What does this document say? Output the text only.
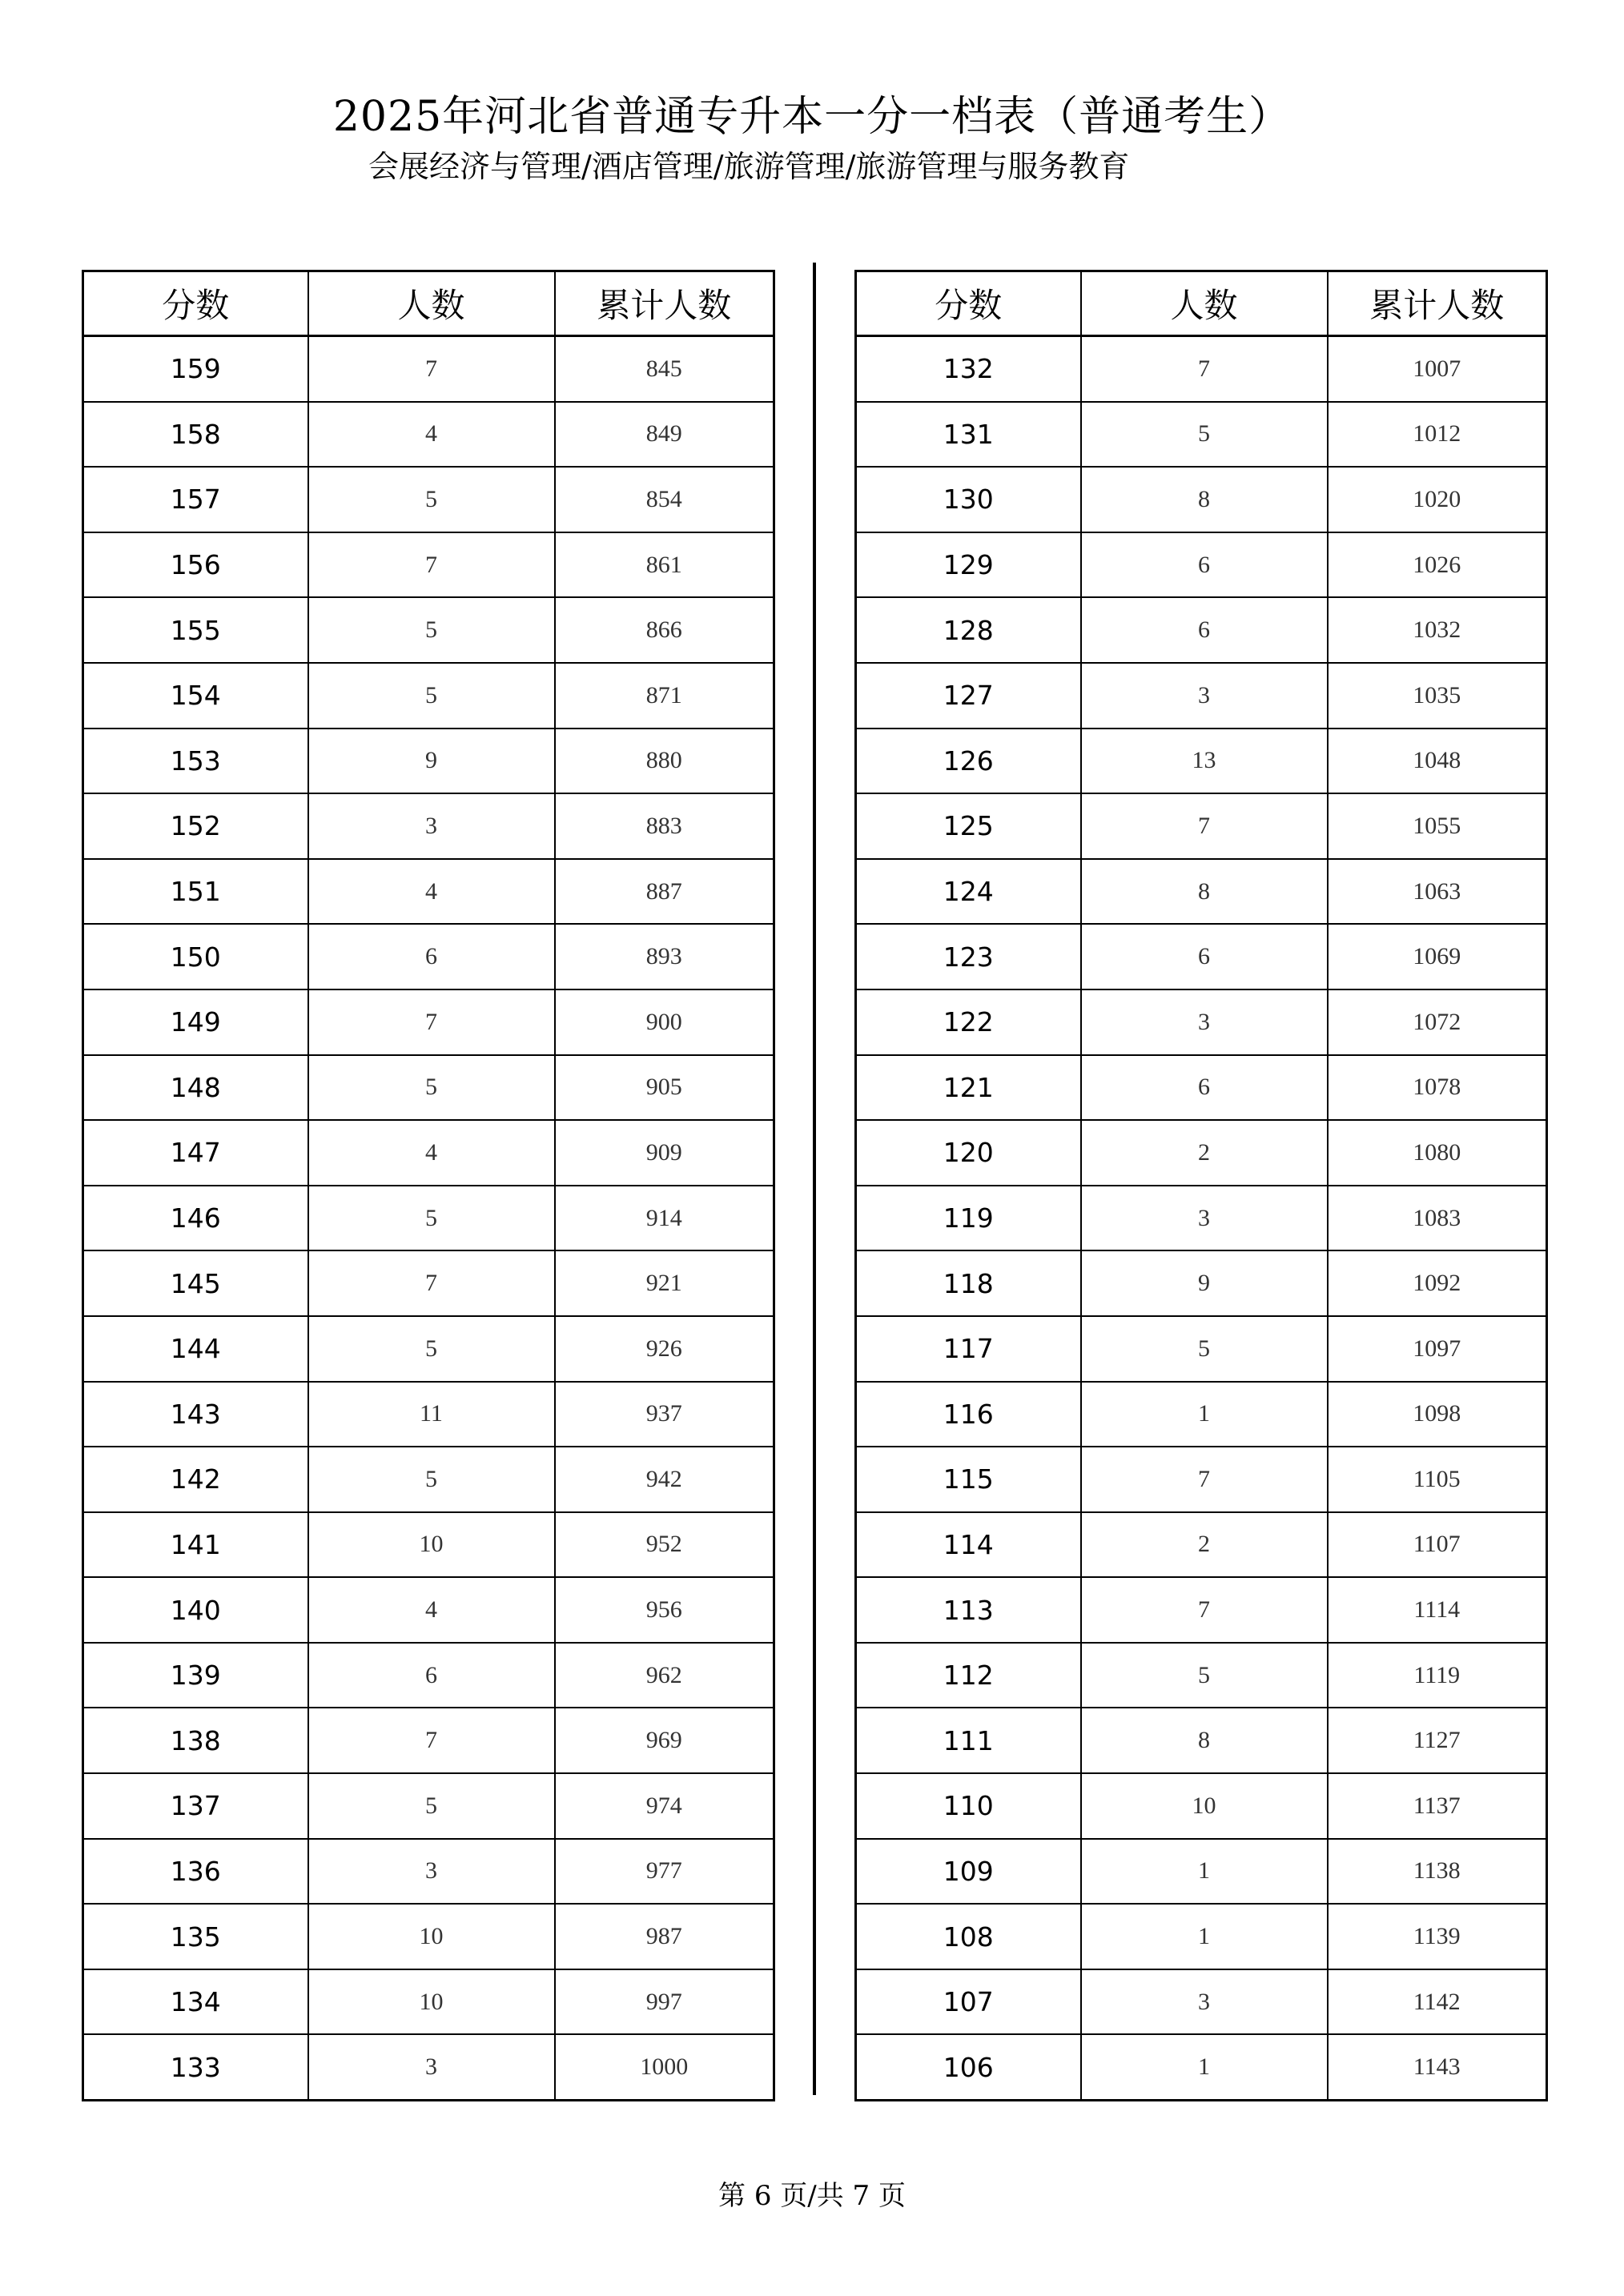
2025年河北省普通专升本一分一档表（普通考生）
会展经济与管理/酒店管理/旅游管理/旅游管理与服务教育
分数	人数	累计人数
159	7	845
158	4	849
157	5	854
156	7	861
155	5	866
154	5	871
153	9	880
152	3	883
151	4	887
150	6	893
149	7	900
148	5	905
147	4	909
146	5	914
145	7	921
144	5	926
143	11	937
142	5	942
141	10	952
140	4	956
139	6	962
138	7	969
137	5	974
136	3	977
135	10	987
134	10	997
133	3	1000
分数	人数	累计人数
132	7	1007
131	5	1012
130	8	1020
129	6	1026
128	6	1032
127	3	1035
126	13	1048
125	7	1055
124	8	1063
123	6	1069
122	3	1072
121	6	1078
120	2	1080
119	3	1083
118	9	1092
117	5	1097
116	1	1098
115	7	1105
114	2	1107
113	7	1114
112	5	1119
111	8	1127
110	10	1137
109	1	1138
108	1	1139
107	3	1142
106	1	1143
第 6 页/共 7 页
